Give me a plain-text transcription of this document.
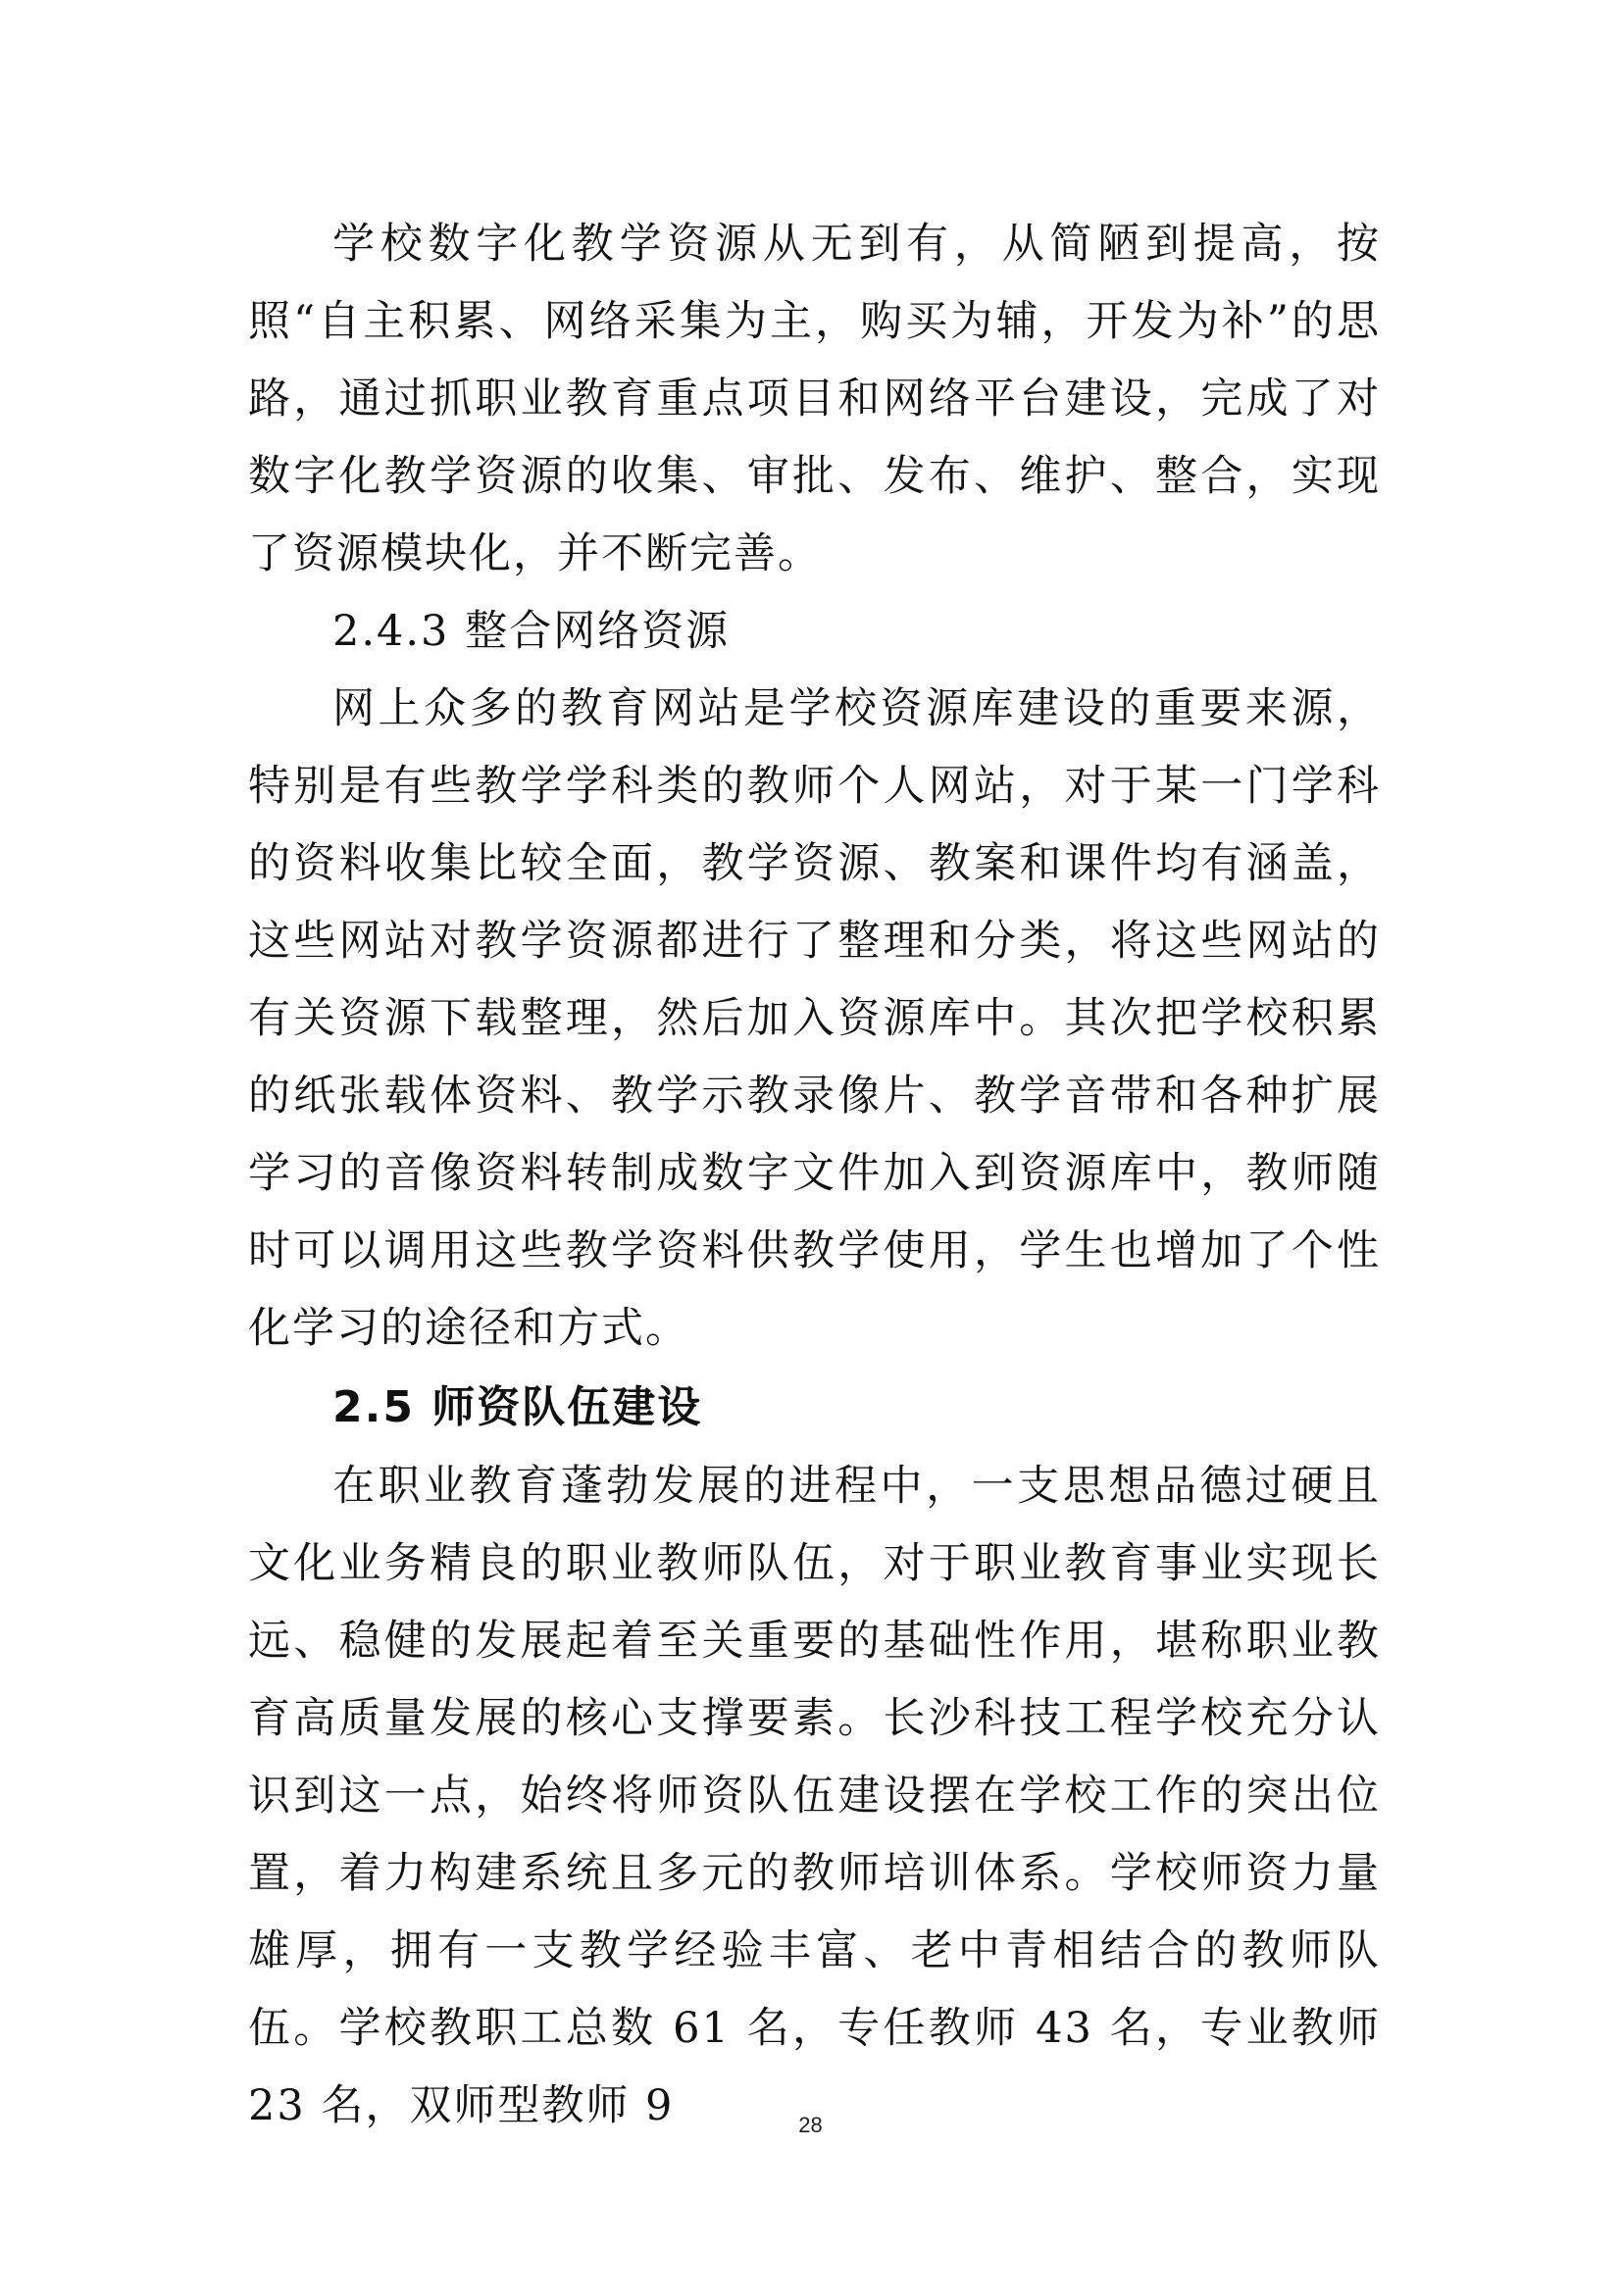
学校数字化教学资源从无到有，从简陋到提高，按照“自主积累、网络采集为主，购买为辅，开发为补”的思路，通过抓职业教育重点项目和网络平台建设，完成了对数字化教学资源的收集、审批、发布、维护、整合，实现了资源模块化，并不断完善。

2.4.3 整合网络资源

网上众多的教育网站是学校资源库建设的重要来源，特别是有些教学学科类的教师个人网站，对于某一门学科的资料收集比较全面，教学资源、教案和课件均有涵盖，这些网站对教学资源都进行了整理和分类，将这些网站的有关资源下载整理，然后加入资源库中。其次把学校积累的纸张载体资料、教学示教录像片、教学音带和各种扩展学习的音像资料转制成数字文件加入到资源库中，教师随时可以调用这些教学资料供教学使用，学生也增加了个性化学习的途径和方式。

2.5 师资队伍建设

在职业教育蓬勃发展的进程中，一支思想品德过硬且文化业务精良的职业教师队伍，对于职业教育事业实现长远、稳健的发展起着至关重要的基础性作用，堪称职业教育高质量发展的核心支撑要素。长沙科技工程学校充分认识到这一点，始终将师资队伍建设摆在学校工作的突出位置，着力构建系统且多元的教师培训体系。学校师资力量雄厚，拥有一支教学经验丰富、老中青相结合的教师队伍。学校教职工总数 61 名，专任教师 43 名，专业教师 23 名，双师型教师 9	28
